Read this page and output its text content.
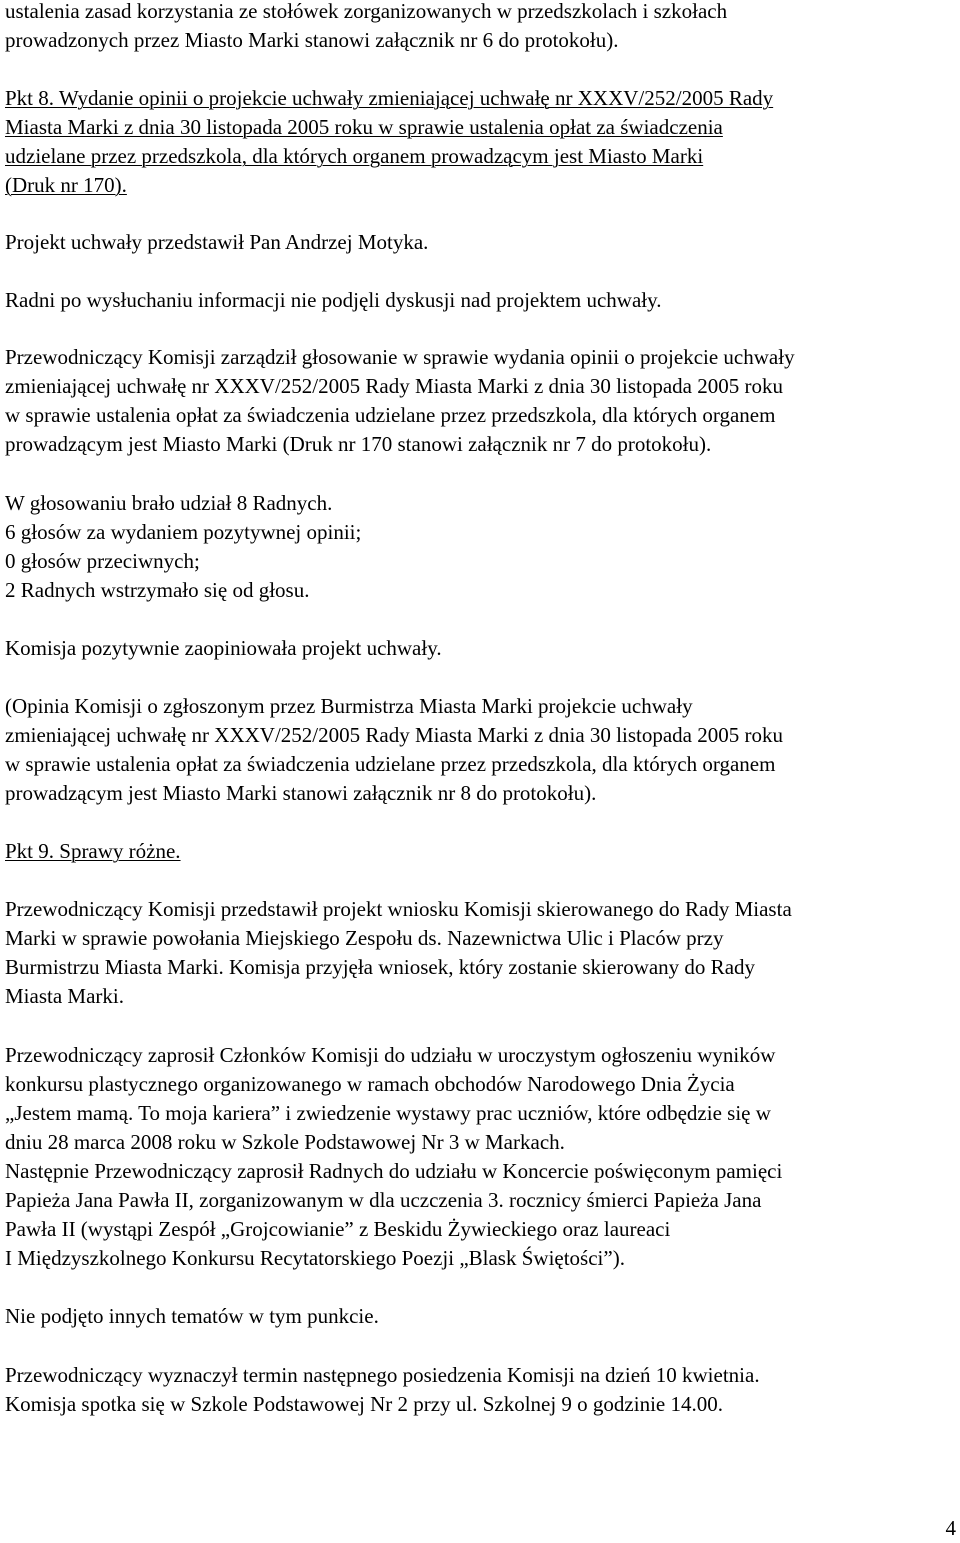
ustalenia zasad korzystania ze stołówek zorganizowanych w przedszkolach i szkołach
prowadzonych przez Miasto Marki stanowi załącznik nr 6 do protokołu).
Pkt 8. Wydanie opinii o projekcie uchwały zmieniającej uchwałę nr XXXV/252/2005 Rady
Miasta Marki z dnia 30 listopada 2005 roku w sprawie ustalenia opłat za świadczenia
udzielane przez przedszkola, dla których organem prowadzącym jest Miasto Marki
(Druk nr 170).
Projekt uchwały przedstawił Pan Andrzej Motyka.
Radni po wysłuchaniu informacji nie podjęli dyskusji nad projektem uchwały.
Przewodniczący Komisji zarządził głosowanie w sprawie wydania opinii o projekcie uchwały
zmieniającej uchwałę nr XXXV/252/2005 Rady Miasta Marki z dnia 30 listopada 2005 roku
w sprawie ustalenia opłat za świadczenia udzielane przez przedszkola, dla których organem
prowadzącym jest Miasto Marki (Druk nr 170 stanowi załącznik nr 7 do protokołu).
W głosowaniu brało udział 8 Radnych.
6 głosów za wydaniem pozytywnej opinii;
0 głosów przeciwnych;
2 Radnych wstrzymało się od głosu.
Komisja pozytywnie zaopiniowała projekt uchwały.
(Opinia Komisji o zgłoszonym przez Burmistrza Miasta Marki projekcie uchwały
zmieniającej uchwałę nr XXXV/252/2005 Rady Miasta Marki z dnia 30 listopada 2005 roku
w sprawie ustalenia opłat za świadczenia udzielane przez przedszkola, dla których organem
prowadzącym jest Miasto Marki stanowi załącznik nr 8 do protokołu).
Pkt 9. Sprawy różne.
Przewodniczący Komisji przedstawił projekt wniosku Komisji skierowanego do Rady Miasta
Marki w sprawie powołania Miejskiego Zespołu ds. Nazewnictwa Ulic i Placów przy
Burmistrzu Miasta Marki. Komisja przyjęła wniosek, który zostanie skierowany do Rady
Miasta Marki.
Przewodniczący zaprosił Członków Komisji do udziału w uroczystym ogłoszeniu wyników
konkursu plastycznego organizowanego w ramach obchodów Narodowego Dnia Życia
„Jestem mamą. To moja kariera” i zwiedzenie wystawy prac uczniów, które odbędzie się w
dniu 28 marca 2008 roku w Szkole Podstawowej Nr 3 w Markach.
Następnie Przewodniczący zaprosił Radnych do udziału w Koncercie poświęconym pamięci
Papieża Jana Pawła II, zorganizowanym w dla uczczenia 3. rocznicy śmierci Papieża Jana
Pawła II (wystąpi Zespół „Grojcowianie” z Beskidu Żywieckiego oraz laureaci
I Międzyszkolnego Konkursu Recytatorskiego Poezji „Blask Świętości”).
Nie podjęto innych tematów w tym punkcie.
Przewodniczący wyznaczył termin następnego posiedzenia Komisji na dzień 10 kwietnia.
Komisja spotka się w Szkole Podstawowej Nr 2 przy ul. Szkolnej 9 o godzinie 14.00.
4
